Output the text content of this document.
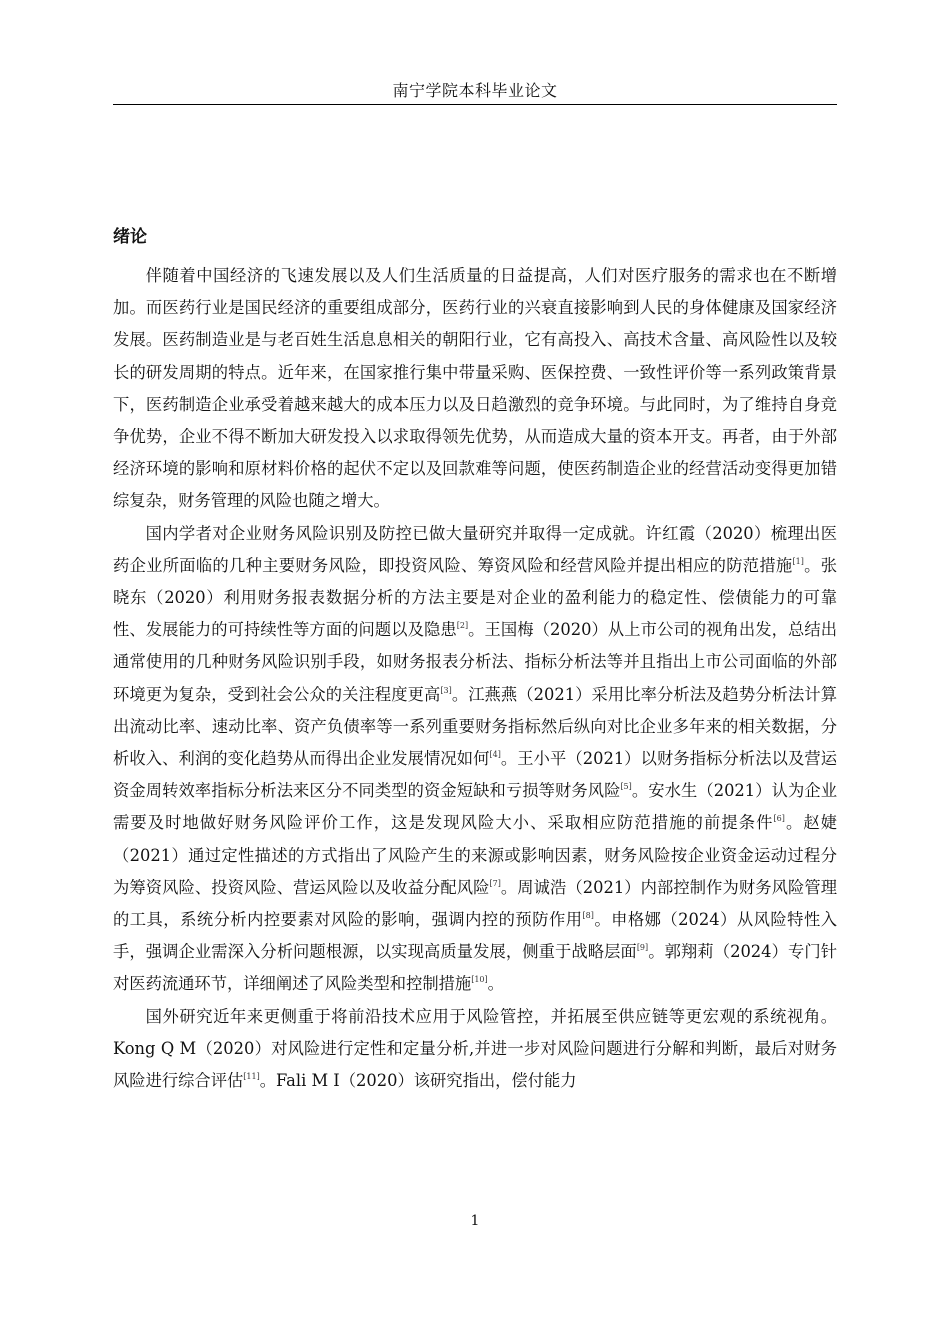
南宁学院本科毕业论文
绪论

伴随着中国经济的飞速发展以及人们生活质量的日益提高，人们对医疗服务的需求也在不断增加。而医药行业是国民经济的重要组成部分，医药行业的兴衰直接影响到人民的身体健康及国家经济发展。医药制造业是与老百姓生活息息相关的朝阳行业，它有高投入、高技术含量、高风险性以及较长的研发周期的特点。近年来，在国家推行集中带量采购、医保控费、一致性评价等一系列政策背景下，医药制造企业承受着越来越大的成本压力以及日趋激烈的竞争环境。与此同时，为了维持自身竞争优势，企业不得不断加大研发投入以求取得领先优势，从而造成大量的资本开支。再者，由于外部经济环境的影响和原材料价格的起伏不定以及回款难等问题，使医药制造企业的经营活动变得更加错综复杂，财务管理的风险也随之增大。

国内学者对企业财务风险识别及防控已做大量研究并取得一定成就。许红霞（2020）梳理出医药企业所面临的几种主要财务风险，即投资风险、筹资风险和经营风险并提出相应的防范措施[1]。张晓东（2020）利用财务报表数据分析的方法主要是对企业的盈利能力的稳定性、偿债能力的可靠性、发展能力的可持续性等方面的问题以及隐患[2]。王国梅（2020）从上市公司的视角出发，总结出通常使用的几种财务风险识别手段，如财务报表分析法、指标分析法等并且指出上市公司面临的外部环境更为复杂，受到社会公众的关注程度更高[3]。江燕燕（2021）采用比率分析法及趋势分析法计算出流动比率、速动比率、资产负债率等一系列重要财务指标然后纵向对比企业多年来的相关数据，分析收入、利润的变化趋势从而得出企业发展情况如何[4]。王小平（2021）以财务指标分析法以及营运资金周转效率指标分析法来区分不同类型的资金短缺和亏损等财务风险[5]。安水生（2021）认为企业需要及时地做好财务风险评价工作，这是发现风险大小、采取相应防范措施的前提条件[6]。赵婕（2021）通过定性描述的方式指出了风险产生的来源或影响因素，财务风险按企业资金运动过程分为筹资风险、投资风险、营运风险以及收益分配风险[7]。周诚浩（2021）内部控制作为财务风险管理的工具，系统分析内控要素对风险的影响，强调内控的预防作用[8]。申格娜（2024）从风险特性入手，强调企业需深入分析问题根源，以实现高质量发展，侧重于战略层面[9]。郭翔莉（2024）专门针对医药流通环节，详细阐述了风险类型和控制措施[10]。

国外研究近年来更侧重于将前沿技术应用于风险管控，并拓展至供应链等更宏观的系统视角。Kong Q M（2020）对风险进行定性和定量分析,并进一步对风险问题进行分解和判断，最后对财务风险进行综合评估[11]。Fali M I（2020）该研究指出，偿付能力

1
